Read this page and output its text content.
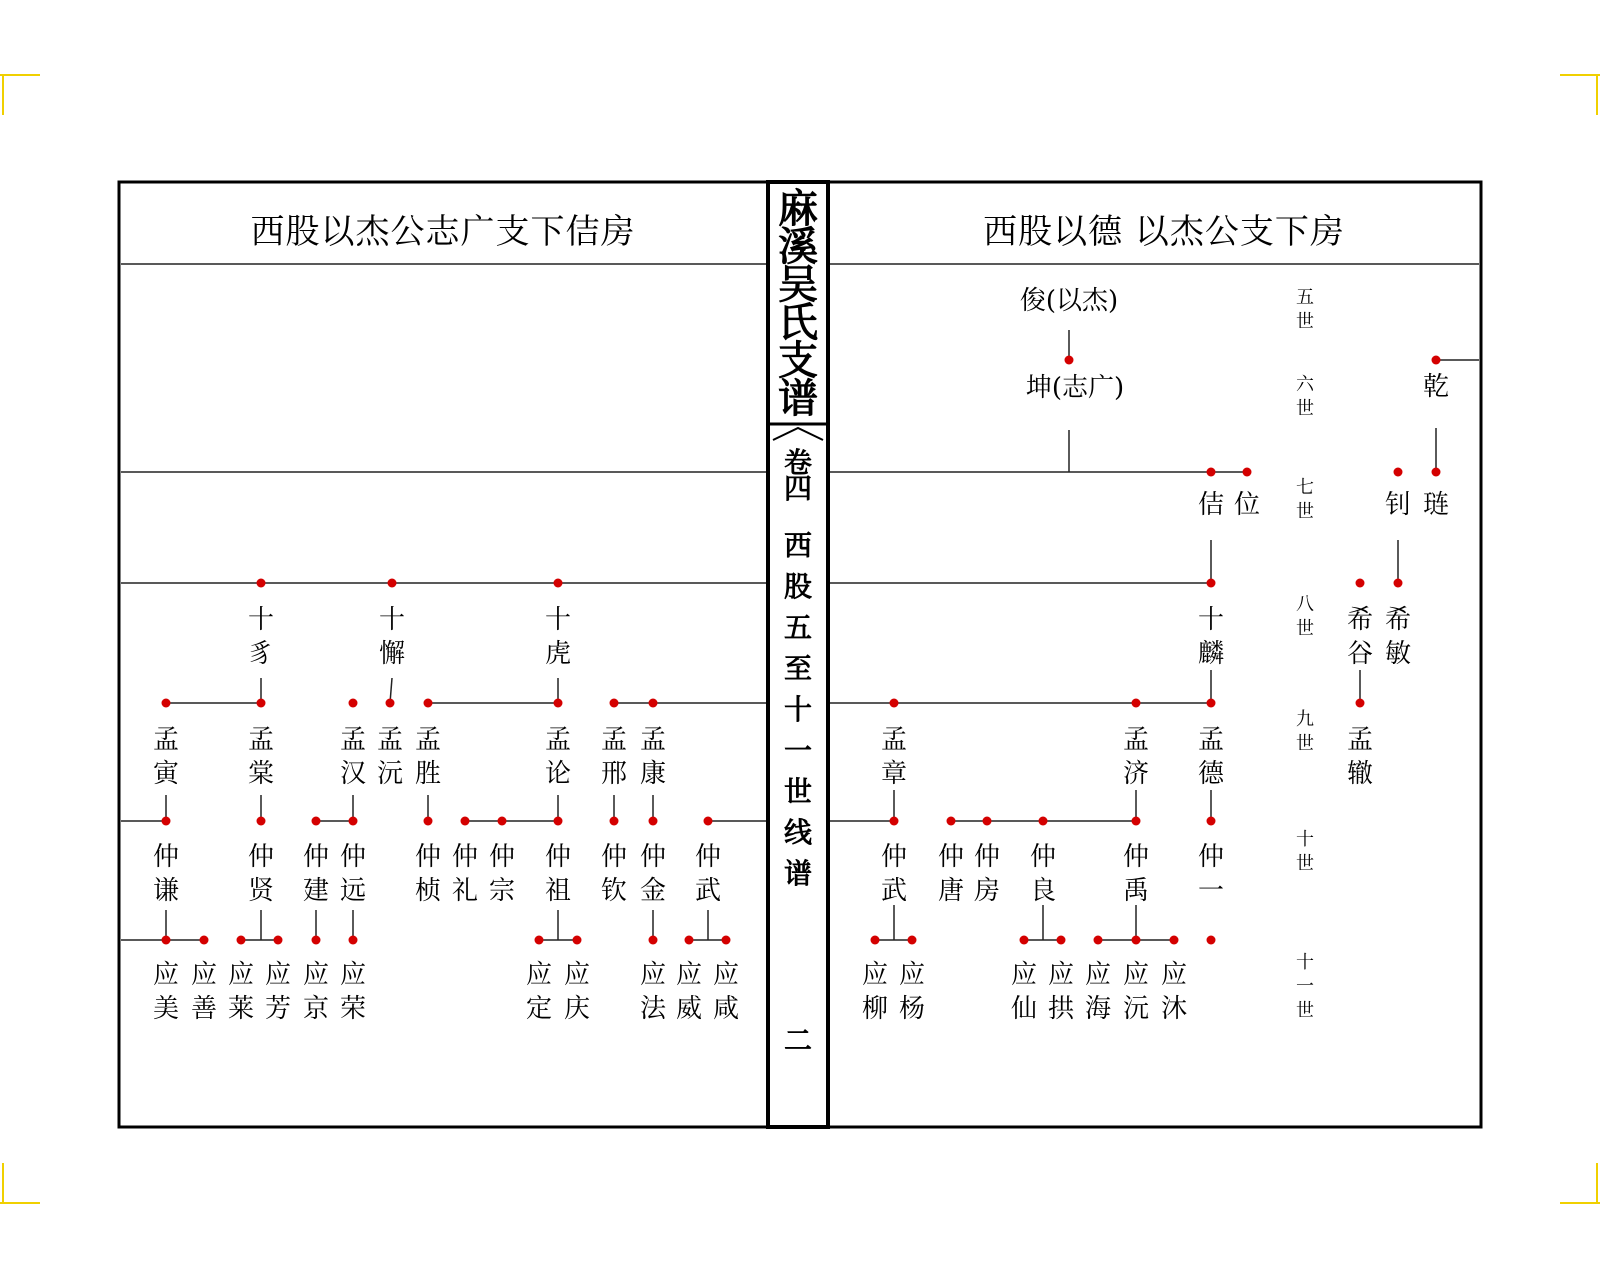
西股以杰公志广支下佶房	西股以德 以杰公支下房
二
俊(以杰)
坤(志广)
十
豸
十
懈
十
虎
孟
寅
孟
棠
孟
汉
孟
沅
孟
胜
孟
论
孟
邢
孟
康
仲
谦
仲
贤
仲
建
仲
远
仲
桢
仲
礼
仲
宗
仲
祖
仲
钦
仲
金
仲
武
应
美
应
善
应
莱
应
芳
应
京
应
荣
应
定
应
庆
应
法
应
威
应
咸
乾
佶 位	钊 琏
十
麟
希
谷
希
敏
孟
章
孟
济
孟
德
孟
辙
仲
武
仲
唐
仲
房
仲
良
仲
禹
仲
一
应
柳
应
杨
应
仙
应
拱
应
海
应
沅
应
沐
五
世
六
世
七
世
八
世
九
世
十
世
十
一
世
麻
溪
吴
氏
支
谱
卷
四
西
股
五
至
十
一
世
线
谱
